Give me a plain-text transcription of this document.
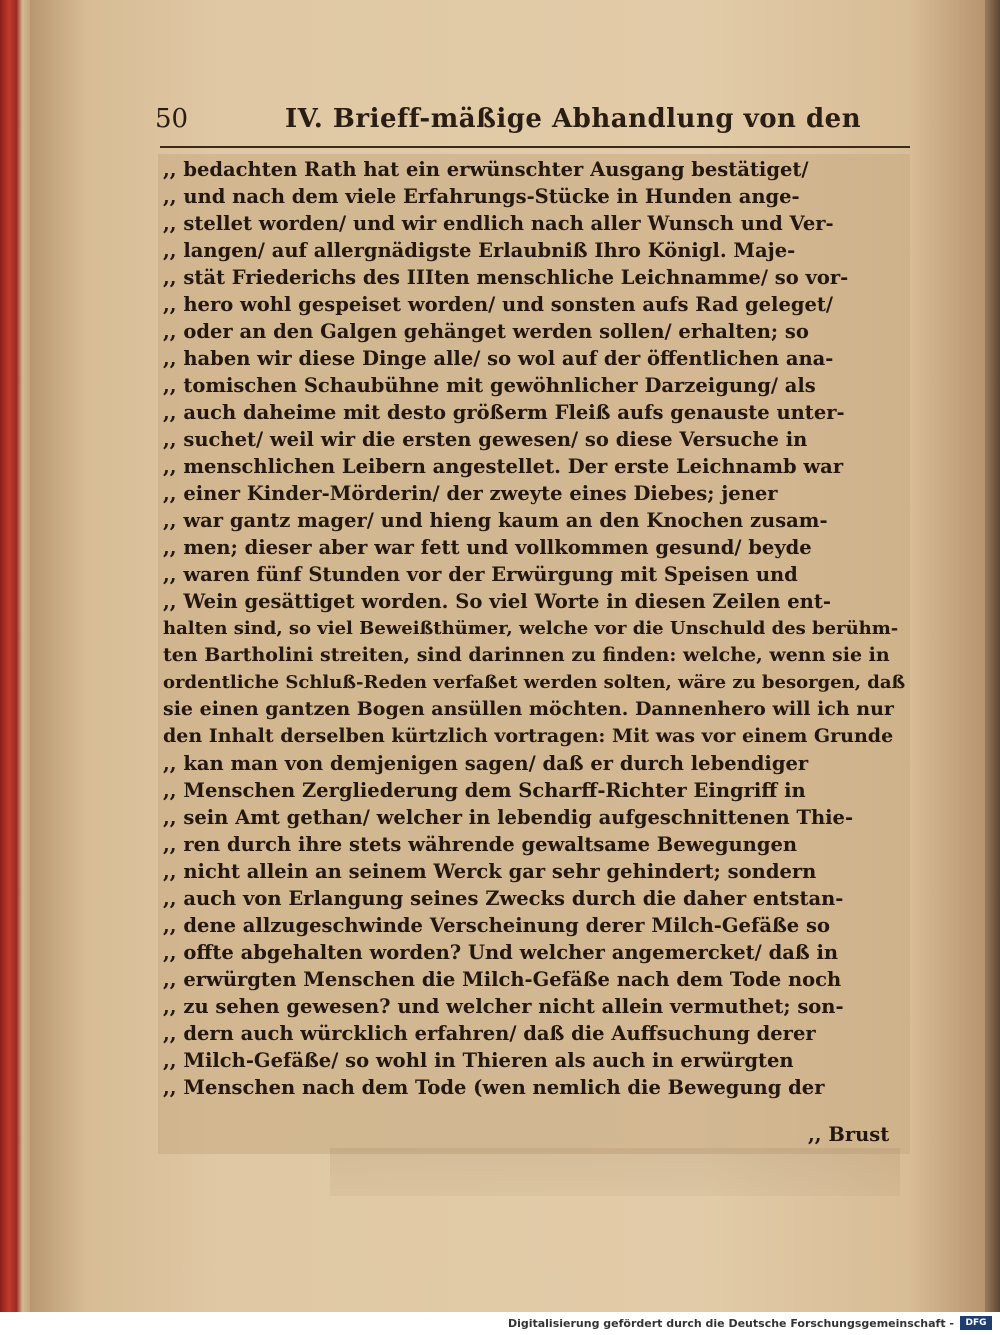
50	IV. Brieff-mäßige Abhandlung von den
,, bedachten Rath hat ein erwünschter Ausgang bestätiget/
,, und nach dem viele Erfahrungs-Stücke in Hunden ange-
,, stellet worden/ und wir endlich nach aller Wunsch und Ver-
,, langen/ auf allergnädigste Erlaubniß Ihro Königl. Maje-
,, stät Friederichs des IIIten menschliche Leichnamme/ so vor-
,, hero wohl gespeiset worden/ und sonsten aufs Rad geleget/
,, oder an den Galgen gehänget werden sollen/ erhalten; so
,, haben wir diese Dinge alle/ so wol auf der öffentlichen ana-
,, tomischen Schaubühne mit gewöhnlicher Darzeigung/ als
,, auch daheime mit desto größerm Fleiß aufs genauste unter-
,, suchet/ weil wir die ersten gewesen/ so diese Versuche in
,, menschlichen Leibern angestellet. Der erste Leichnamb war
,, einer Kinder-Mörderin/ der zweyte eines Diebes; jener
,, war gantz mager/ und hieng kaum an den Knochen zusam-
,, men; dieser aber war fett und vollkommen gesund/ beyde
,, waren fünf Stunden vor der Erwürgung mit Speisen und
,, Wein gesättiget worden. So viel Worte in diesen Zeilen ent-
halten sind, so viel Beweißthümer, welche vor die Unschuld des berühm-
ten Bartholini streiten, sind darinnen zu finden: welche, wenn sie in
ordentliche Schluß-Reden verfaßet werden solten, wäre zu besorgen, daß
sie einen gantzen Bogen ansüllen möchten. Dannenhero will ich nur
den Inhalt derselben kürtzlich vortragen: Mit was vor einem Grunde
,, kan man von demjenigen sagen/ daß er durch lebendiger
,, Menschen Zergliederung dem Scharff-Richter Eingriff in
,, sein Amt gethan/ welcher in lebendig aufgeschnittenen Thie-
,, ren durch ihre stets währende gewaltsame Bewegungen
,, nicht allein an seinem Werck gar sehr gehindert; sondern
,, auch von Erlangung seines Zwecks durch die daher entstan-
,, dene allzugeschwinde Verscheinung derer Milch-Gefäße so
,, offte abgehalten worden? Und welcher angemercket/ daß in
,, erwürgten Menschen die Milch-Gefäße nach dem Tode noch
,, zu sehen gewesen? und welcher nicht allein vermuthet; son-
,, dern auch würcklich erfahren/ daß die Auffsuchung derer
,, Milch-Gefäße/ so wohl in Thieren als auch in erwürgten
,, Menschen nach dem Tode (wen nemlich die Bewegung der
,, Brust
Digitalisierung gefördert durch die Deutsche Forschungsgemeinschaft -	DFG
